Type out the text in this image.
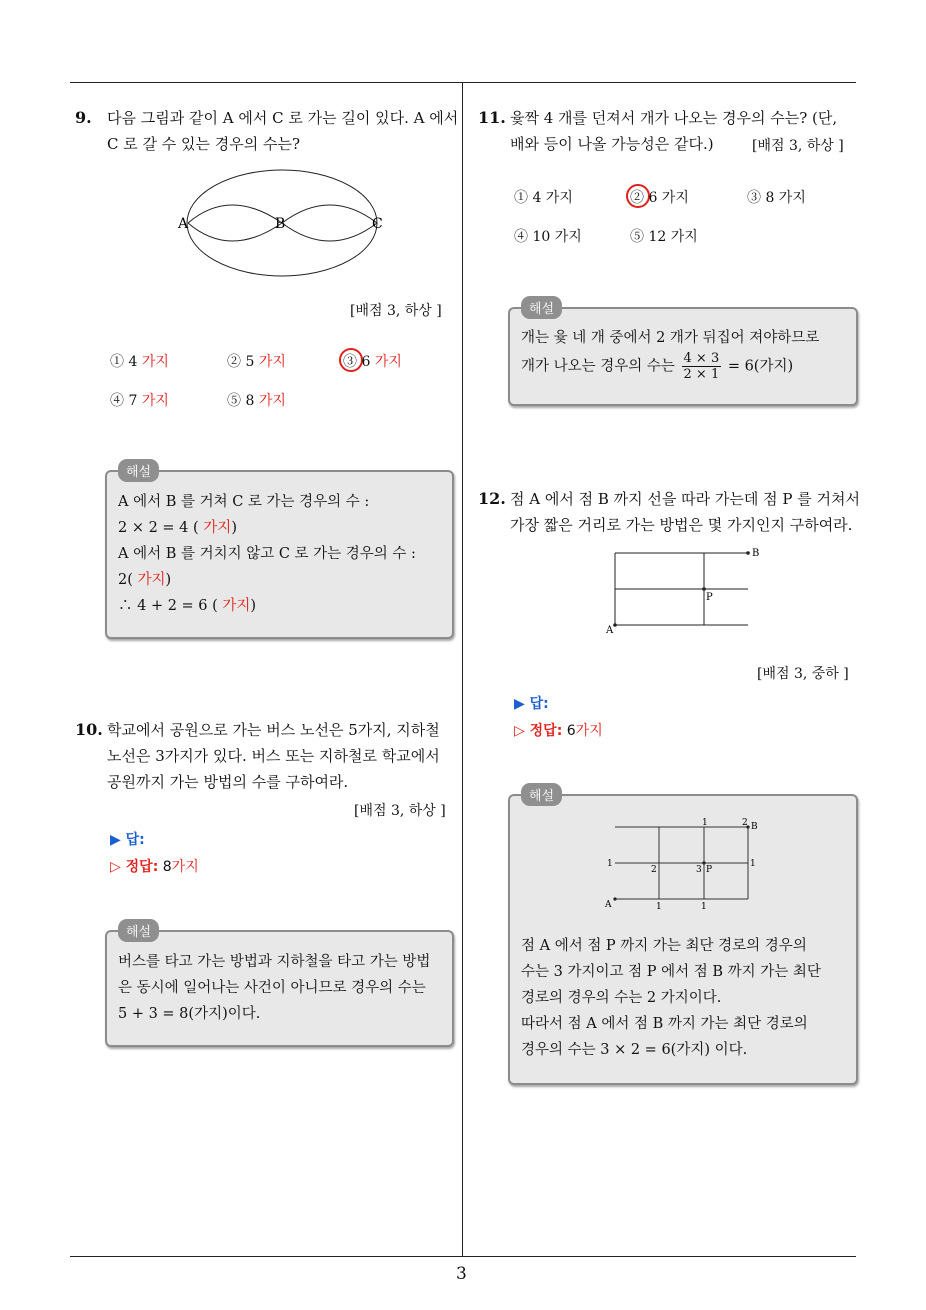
3
9. 다음 그림과 같이 A 에서 C 로 가는 길이 있다. A 에서
C 로 갈 수 있는 경우의 수는?
A	B	C
[배점 3, 하상 ]
① 4 가지	② 5 가지	③ 6 가지
④ 7 가지	⑤ 8 가지
해설
A 에서 B 를 거쳐 C 로 가는 경우의 수 :
2 × 2 = 4 ( 가지)
A 에서 B 를 거치지 않고 C 로 가는 경우의 수 :
2( 가지)
∴ 4 + 2 = 6 ( 가지)
10. 학교에서 공원으로 가는 버스 노선은 5가지, 지하철
노선은 3가지가 있다. 버스 또는 지하철로 학교에서
공원까지 가는 방법의 수를 구하여라.
[배점 3, 하상 ]
▶ 답:
▷ 정답: 8가지
해설
버스를 타고 가는 방법과 지하철을 타고 가는 방법
은 동시에 일어나는 사건이 아니므로 경우의 수는
5 + 3 = 8(가지)이다.
11. 윷짝 4 개를 던져서 개가 나오는 경우의 수는? (단,
배와 등이 나올 가능성은 같다.)	[배점 3, 하상 ]
① 4 가지	② 6 가지	③ 8 가지
④ 10 가지	⑤ 12 가지
해설
개는 윷 네 개 중에서 2 개가 뒤집어 져야하므로
개가 나오는 경우의 수는 $\frac{4 \times 3}{2 \times 1} = 6$(가지)
12. 점 A 에서 점 B 까지 선을 따라 가는데 점 P 를 거쳐서
가장 짧은 거리로 가는 방법은 몇 가지인지 구하여라.
A
B
P
[배점 3, 중하 ]
▶ 답:
▷ 정답: 6가지
해설
A
B
P
1	2
1
2	3
1
1	1
점 A 에서 점 P 까지 가는 최단 경로의 경우의
수는 3 가지이고 점 P 에서 점 B 까지 가는 최단
경로의 경우의 수는 2 가지이다.
따라서 점 A 에서 점 B 까지 가는 최단 경로의
경우의 수는 3 × 2 = 6(가지) 이다.
